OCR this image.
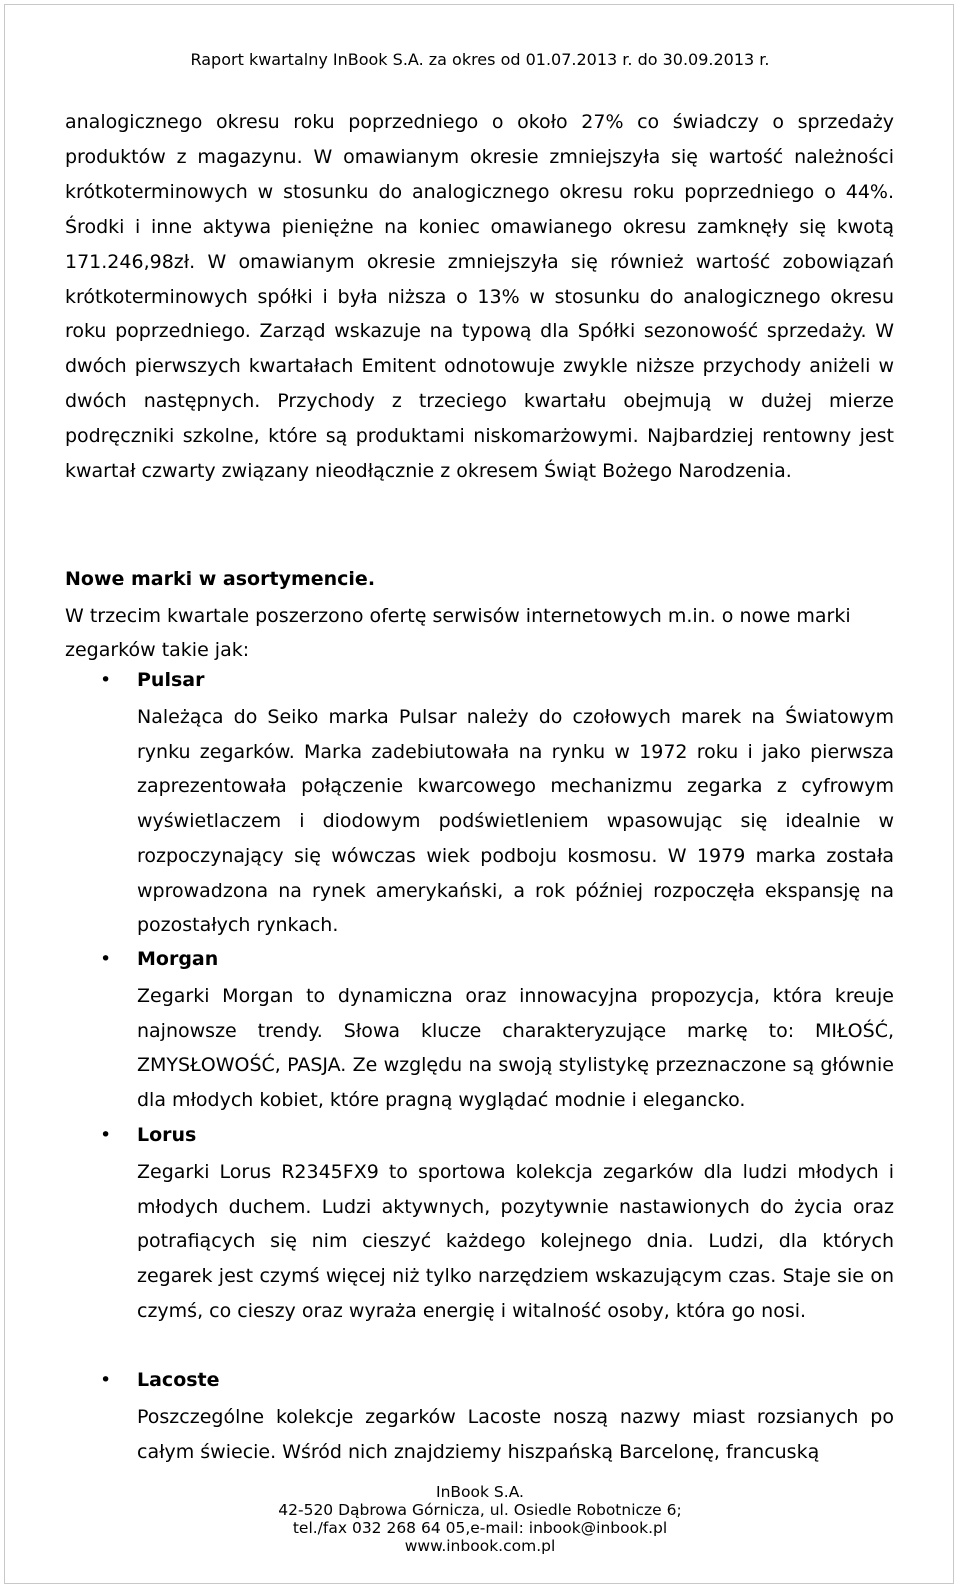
Raport kwartalny InBook S.A. za okres od 01.07.2013 r. do 30.09.2013 r.

analogicznego okresu roku poprzedniego o około 27% co świadczy o sprzedaży produktów z magazynu. W omawianym okresie zmniejszyła się wartość należności krótkoterminowych w stosunku do analogicznego okresu roku poprzedniego o 44%. Środki i inne aktywa pieniężne na koniec omawianego okresu zamknęły się kwotą 171.246,98zł. W omawianym okresie zmniejszyła się również wartość zobowiązań krótkoterminowych spółki i była niższa o 13% w stosunku do analogicznego okresu roku poprzedniego. Zarząd wskazuje na typową dla Spółki sezonowość sprzedaży. W dwóch pierwszych kwartałach Emitent odnotowuje zwykle niższe przychody aniżeli w dwóch następnych. Przychody z trzeciego kwartału obejmują w dużej mierze podręczniki szkolne, które są produktami niskomarżowymi. Najbardziej rentowny jest kwartał czwarty związany nieodłącznie z okresem Świąt Bożego Narodzenia.

Nowe marki w asortymencie.

W trzecim kwartale poszerzono ofertę serwisów internetowych m.in. o nowe marki zegarków takie jak:

• Pulsar

Należąca do Seiko marka Pulsar należy do czołowych marek na Światowym rynku zegarków. Marka zadebiutowała na rynku w 1972 roku i jako pierwsza zaprezentowała połączenie kwarcowego mechanizmu zegarka z cyfrowym wyświetlaczem i diodowym podświetleniem wpasowując się idealnie w rozpoczynający się wówczas wiek podboju kosmosu. W 1979 marka została wprowadzona na rynek amerykański, a rok później rozpoczęła ekspansję na pozostałych rynkach.

• Morgan

Zegarki Morgan to dynamiczna oraz innowacyjna propozycja, która kreuje najnowsze trendy. Słowa klucze charakteryzujące markę to: MIŁOŚĆ, ZMYSŁOWOŚĆ, PASJA. Ze względu na swoją stylistykę przeznaczone są głównie dla młodych kobiet, które pragną wyglądać modnie i elegancko.

• Lorus

Zegarki Lorus R2345FX9 to sportowa kolekcja zegarków dla ludzi młodych i młodych duchem. Ludzi aktywnych, pozytywnie nastawionych do życia oraz potrafiących się nim cieszyć każdego kolejnego dnia. Ludzi, dla których zegarek jest czymś więcej niż tylko narzędziem wskazującym czas. Staje sie on czymś, co cieszy oraz wyraża energię i witalność osoby, która go nosi.

• Lacoste

Poszczególne kolekcje zegarków Lacoste noszą nazwy miast rozsianych po całym świecie. Wśród nich znajdziemy hiszpańską Barcelonę, francuską

InBook S.A.
42-520 Dąbrowa Górnicza, ul. Osiedle Robotnicze 6;
tel./fax 032 268 64 05,e-mail: inbook@inbook.pl
www.inbook.com.pl
